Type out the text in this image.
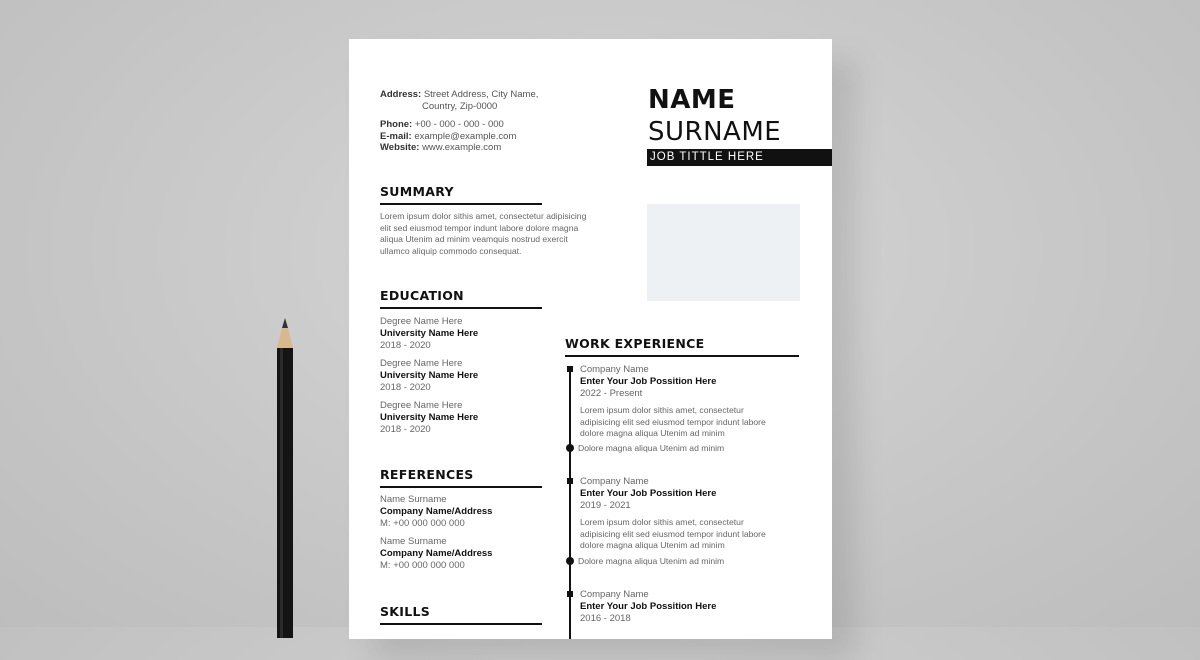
Address: Street Address, City Name,
Country, Zip-0000
Phone: +00 - 000 - 000 - 000
E-mail: example@example.com
Website: www.example.com
NAME
SURNAME
JOB TITTLE HERE
SUMMARY
Lorem ipsum dolor sithis amet, consectetur adipisicing
elit sed eiusmod tempor indunt labore dolore magna
aliqua Utenim ad minim veamquis nostrud exercit
ullamco aliquip commodo consequat.
EDUCATION
Degree Name Here
University Name Here
2018 - 2020
Degree Name Here
University Name Here
2018 - 2020
Degree Name Here
University Name Here
2018 - 2020
REFERENCES
Name Surname
Company Name/Address
M: +00 000 000 000
Name Surname
Company Name/Address
M: +00 000 000 000
SKILLS
WORK EXPERIENCE
Company Name
Enter Your Job Possition Here
2022 - Present
Lorem ipsum dolor sithis amet, consectetur
adipisicing elit sed eiusmod tempor indunt labore
dolore magna aliqua Utenim ad minim
Dolore magna aliqua Utenim ad minim
Company Name
Enter Your Job Possition Here
2019 - 2021
Lorem ipsum dolor sithis amet, consectetur
adipisicing elit sed eiusmod tempor indunt labore
dolore magna aliqua Utenim ad minim
Dolore magna aliqua Utenim ad minim
Company Name
Enter Your Job Possition Here
2016 - 2018
